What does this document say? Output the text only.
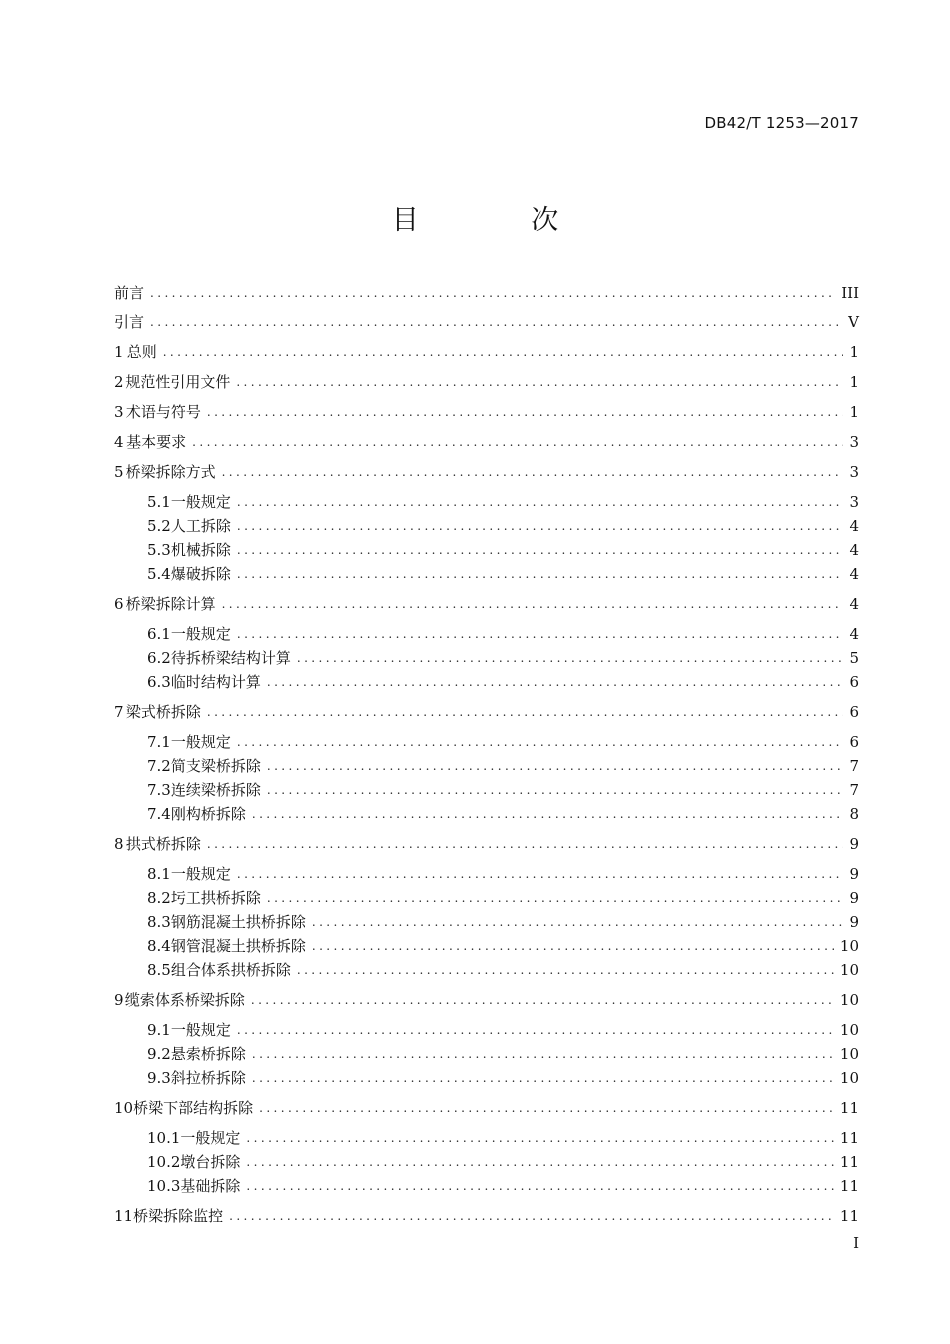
DB42/T 1253—2017
目 次
前言 .....	III
引言 .....	V
1 总则 .....	1
2 规范性引用文件 .....	1
3 术语与符号 .....	1
4 基本要求 .....	3
5 桥梁拆除方式 .....	3
5.1 一般规定 .....	3
5.2 人工拆除 .....	4
5.3 机械拆除 .....	4
5.4 爆破拆除 .....	4
6 桥梁拆除计算 .....	4
6.1 一般规定 .....	4
6.2 待拆桥梁结构计算 .....	5
6.3 临时结构计算 .....	6
7 梁式桥拆除 .....	6
7.1 一般规定 .....	6
7.2 简支梁桥拆除 .....	7
7.3 连续梁桥拆除 .....	7
7.4 刚构桥拆除 .....	8
8 拱式桥拆除 .....	9
8.1 一般规定 .....	9
8.2 圬工拱桥拆除 .....	9
8.3 钢筋混凝土拱桥拆除 .....	9
8.4 钢管混凝土拱桥拆除 .....	10
8.5 组合体系拱桥拆除 .....	10
9 缆索体系桥梁拆除 .....	10
9.1 一般规定 .....	10
9.2 悬索桥拆除 .....	10
9.3 斜拉桥拆除 .....	10
10 桥梁下部结构拆除 .....	11
10.1 一般规定 .....	11
10.2 墩台拆除 .....	11
10.3 基础拆除 .....	11
11 桥梁拆除监控 .....	11
I
